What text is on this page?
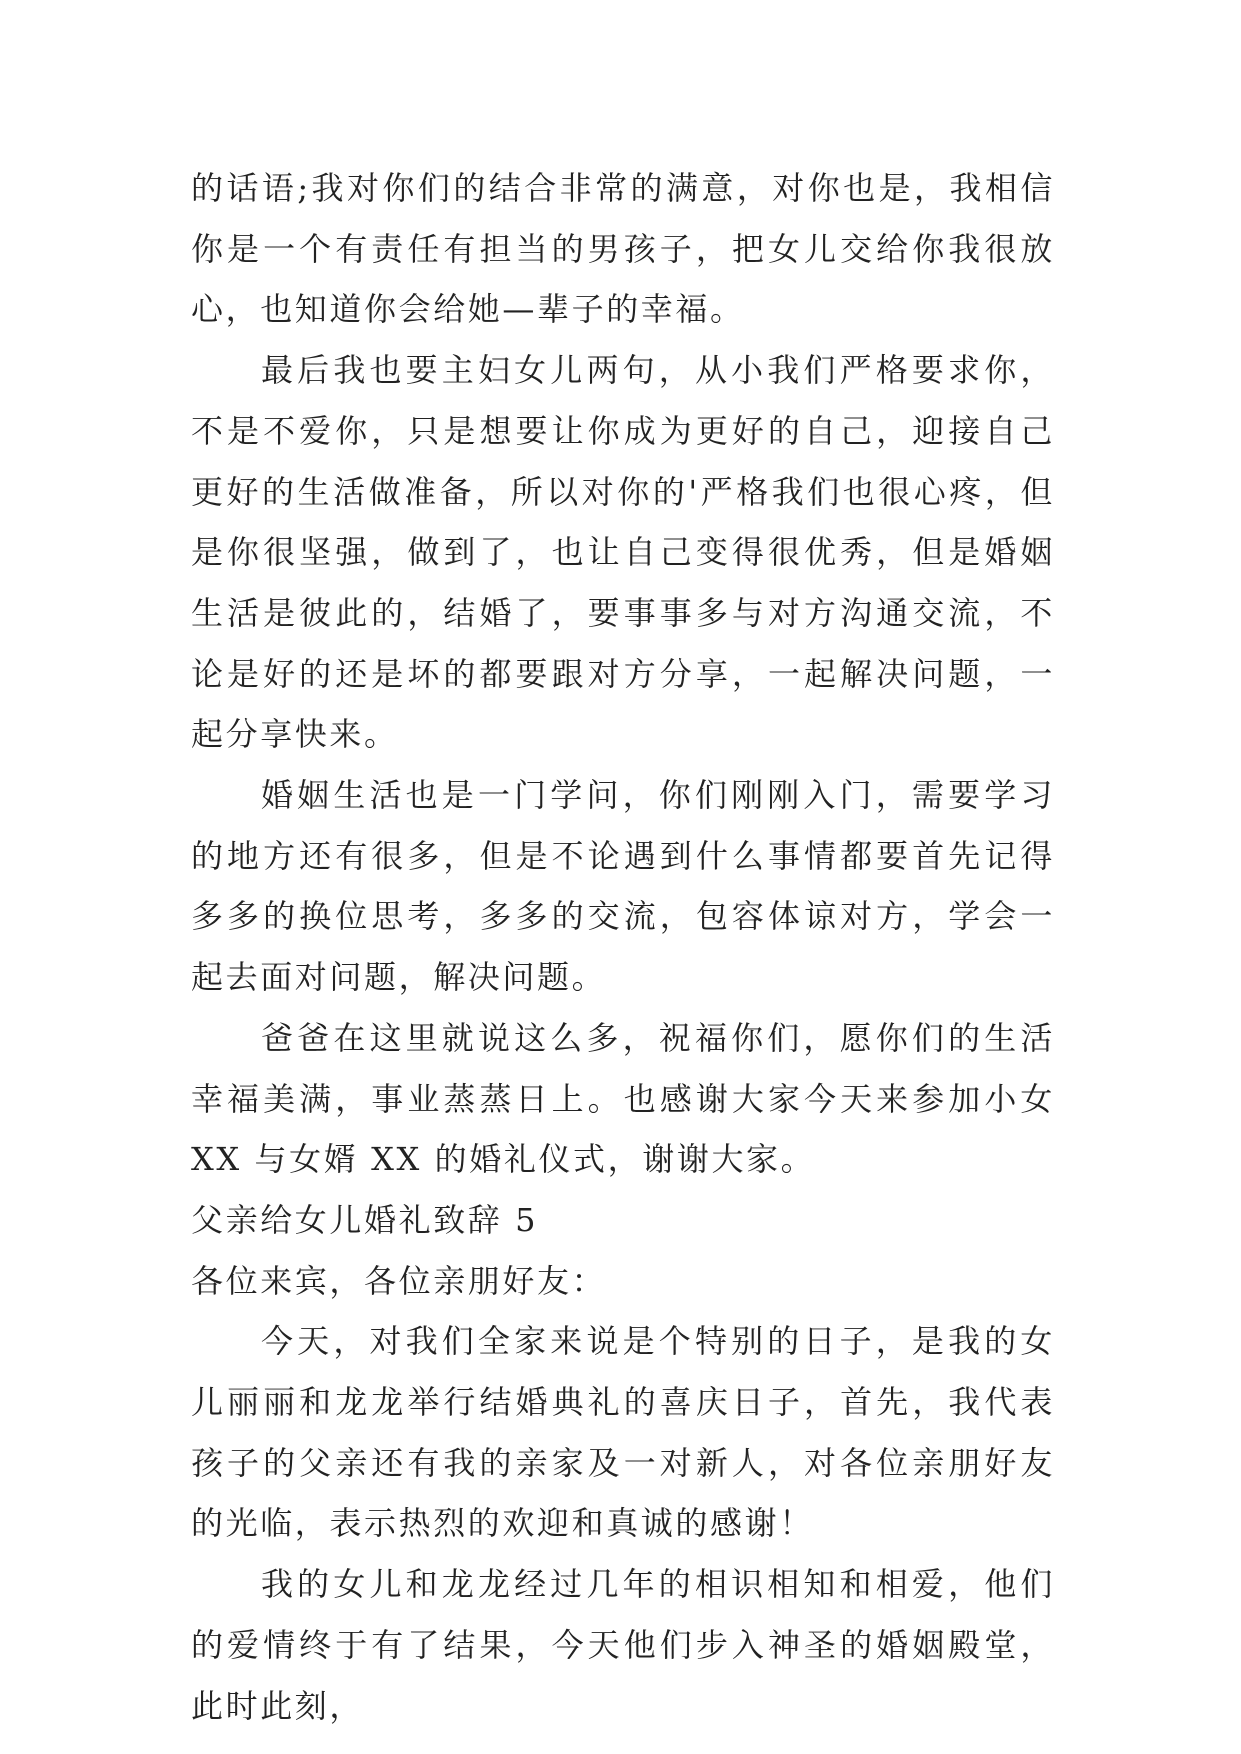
的话语;我对你们的结合非常的满意，对你也是，我相信你是一个有责任有担当的男孩子，把女儿交给你我很放心，也知道你会给她—辈子的幸福。

最后我也要主妇女儿两句，从小我们严格要求你，不是不爱你，只是想要让你成为更好的自己，迎接自己更好的生活做准备，所以对你的'严格我们也很心疼，但是你很坚强，做到了，也让自己变得很优秀，但是婚姻生活是彼此的，结婚了，要事事多与对方沟通交流，不论是好的还是坏的都要跟对方分享，一起解决问题，一起分享快来。

婚姻生活也是一门学问，你们刚刚入门，需要学习的地方还有很多，但是不论遇到什么事情都要首先记得多多的换位思考，多多的交流，包容体谅对方，学会一起去面对问题，解决问题。

爸爸在这里就说这么多，祝福你们，愿你们的生活幸福美满，事业蒸蒸日上。也感谢大家今天来参加小女 XX 与女婿 XX 的婚礼仪式，谢谢大家。

父亲给女儿婚礼致辞 5

各位来宾，各位亲朋好友：

今天，对我们全家来说是个特别的日子，是我的女儿丽丽和龙龙举行结婚典礼的喜庆日子，首先，我代表孩子的父亲还有我的亲家及一对新人，对各位亲朋好友的光临，表示热烈的欢迎和真诚的感谢！

我的女儿和龙龙经过几年的相识相知和相爱，他们的爱情终于有了结果，今天他们步入神圣的婚姻殿堂，此时此刻，
